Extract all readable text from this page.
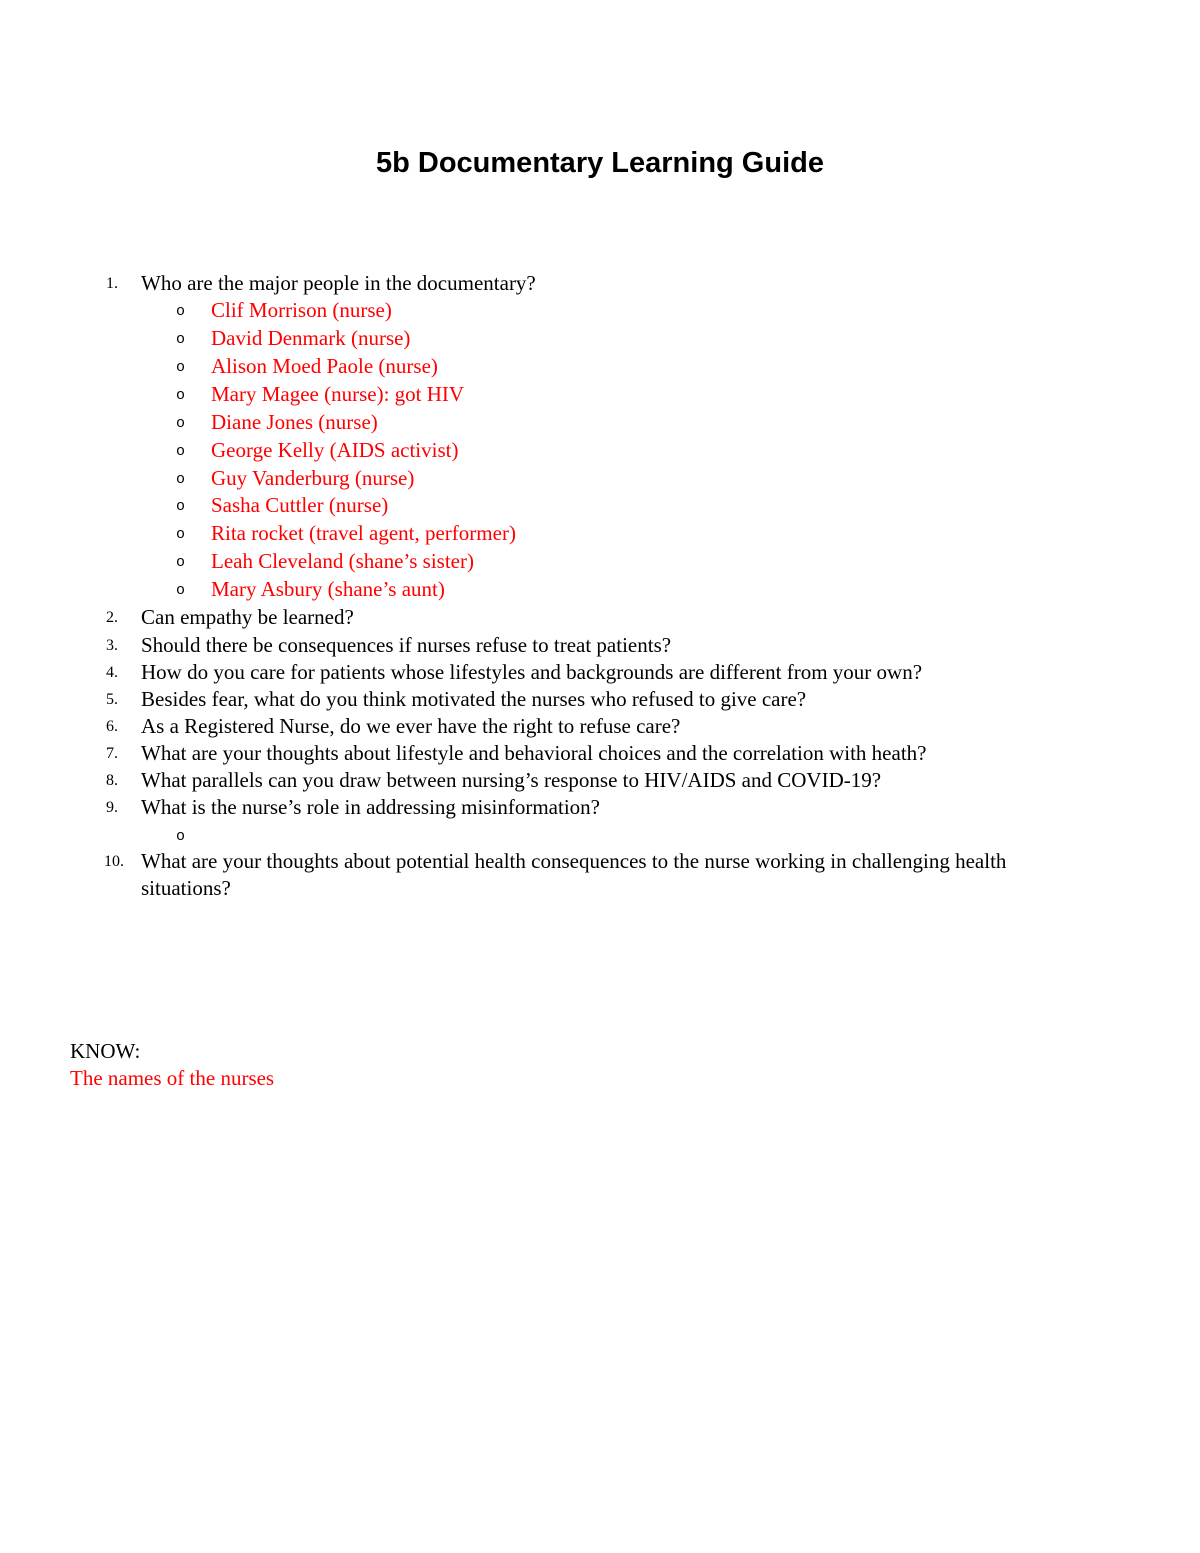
5b Documentary Learning Guide
1.	Who are the major people in the documentary?
o Clif Morrison (nurse)
o David Denmark (nurse)
o Alison Moed Paole (nurse)
o Mary Magee (nurse): got HIV
o Diane Jones (nurse)
o George Kelly (AIDS activist)
o Guy Vanderburg (nurse)
o Sasha Cuttler (nurse)
o Rita rocket (travel agent, performer)
o Leah Cleveland (shane’s sister)
o Mary Asbury (shane’s aunt)
2.	Can empathy be learned?
3.	Should there be consequences if nurses refuse to treat patients?
4.	How do you care for patients whose lifestyles and backgrounds are different from your own?
5.	Besides fear, what do you think motivated the nurses who refused to give care?
6.	As a Registered Nurse, do we ever have the right to refuse care?
7.	What are your thoughts about lifestyle and behavioral choices and the correlation with heath?
8.	What parallels can you draw between nursing’s response to HIV/AIDS and COVID-19?
9.	What is the nurse’s role in addressing misinformation?
o
10. What are your thoughts about potential health consequences to the nurse working in challenging health
situations?
KNOW:
The names of the nurses
